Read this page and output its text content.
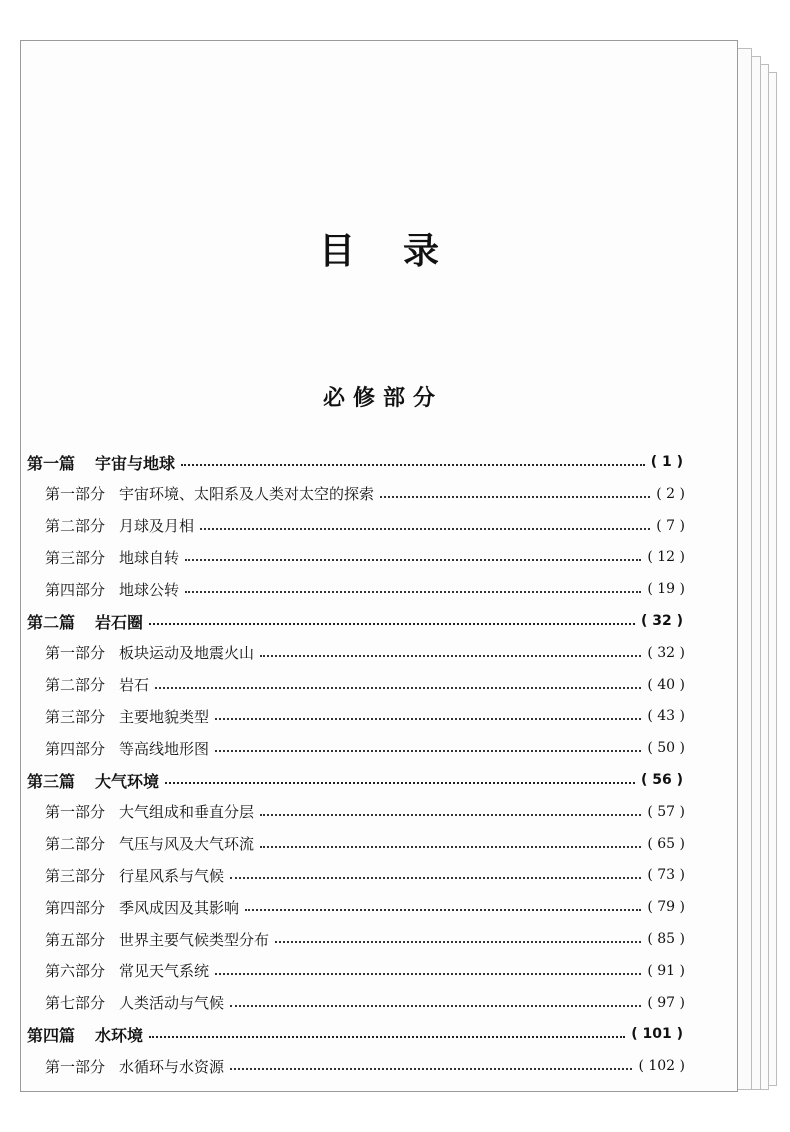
目录
必修部分
第一篇 宇宙与地球	( 1 )
第一部分 宇宙环境、太阳系及人类对太空的探索	( 2 )
第二部分 月球及月相	( 7 )
第三部分 地球自转	( 12 )
第四部分 地球公转	( 19 )
第二篇 岩石圈	( 32 )
第一部分 板块运动及地震火山	( 32 )
第二部分 岩石	( 40 )
第三部分 主要地貌类型	( 43 )
第四部分 等高线地形图	( 50 )
第三篇 大气环境	( 56 )
第一部分 大气组成和垂直分层	( 57 )
第二部分 气压与风及大气环流	( 65 )
第三部分 行星风系与气候	( 73 )
第四部分 季风成因及其影响	( 79 )
第五部分 世界主要气候类型分布	( 85 )
第六部分 常见天气系统	( 91 )
第七部分 人类活动与气候	( 97 )
第四篇 水环境	( 101 )
第一部分 水循环与水资源	( 102 )
